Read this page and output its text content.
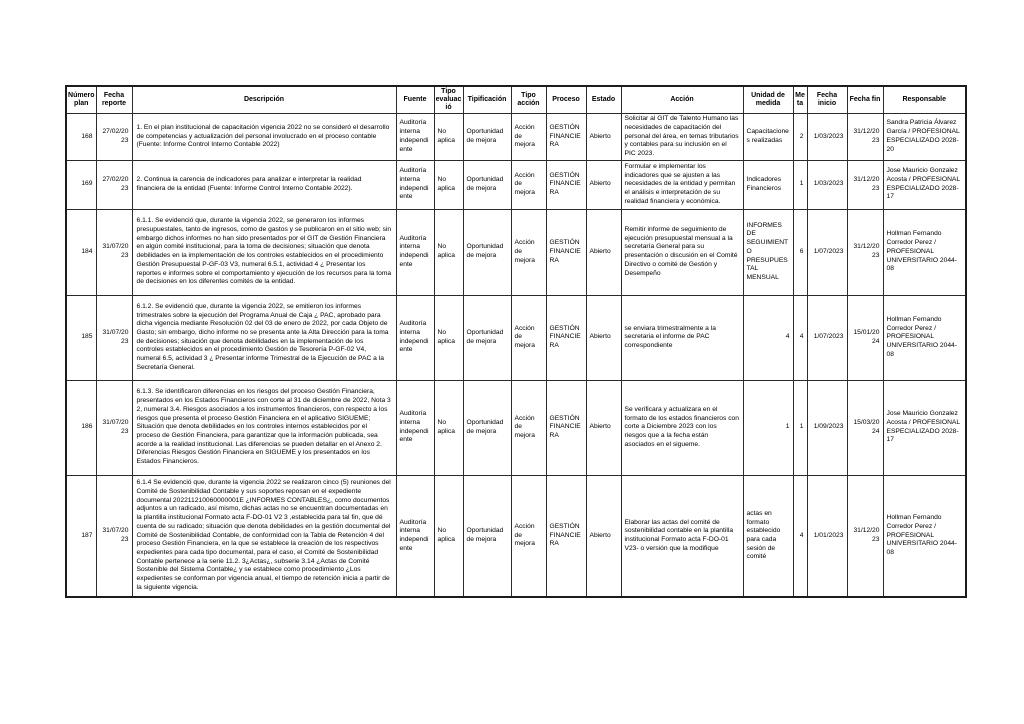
Número plan	Fecha reporte	Descripción	Fuente	Tipo evaluació	Tipificación	Tipo acción	Proceso	Estado	Acción	Unidad de medida	Meta	Fecha inicio	Fecha fin	Responsable
168	27/02/2023	1. En el plan institucional de capacitación vigencia 2022 no se consideró el desarrollo de competencias y actualización del personal involucrado en el proceso contable (Fuente: Informe Control Interno Contable 2022)	Auditoría interna independiente	No aplica	Oportunidad de mejora	Acción de mejora	GESTIÓN FINANCIERA	Abierto	Solicitar al GIT de Talento Humano las necesidades de capacitación del personal del área, en temas tributarios y contables para su inclusión en el PIC 2023.	Capacitaciones realizadas	2	1/03/2023	31/12/2023	Sandra Patricia Álvarez García / PROFESIONAL ESPECIALIZADO 2028-20
169	27/02/2023	2. Continua la carencia de indicadores para analizar e interpretar la realidad financiera de la entidad (Fuente: Informe Control Interno Contable 2022).	Auditoría interna independiente	No aplica	Oportunidad de mejora	Acción de mejora	GESTIÓN FINANCIERA	Abierto	Formular e implementar los indicadores que se ajusten a las necesidades de la entidad y permitan el análisis e interpretación de su realidad financiera y económica.	Indicadores Financieros	1	1/03/2023	31/12/2023	Jose Mauricio Gonzalez Acosta / PROFESIONAL ESPECIALIZADO 2028-17
184	31/07/2023	6.1.1. Se evidenció que, durante la vigencia 2022, se generaron los informes presupuestales, tanto de ingresos, como de gastos y se publicaron en el sitio web; sin embargo dichos informes no han sido presentados por el GIT de Gestión Financiera en algún comité institucional, para la toma de decisiones; situación que denota debilidades en la implementación de los controles establecidos en el procedimiento Gestión Presupuestal P-GF-03 V3, numeral 6.5.1, actividad 4 ¿ Presentar los reportes e informes sobre el comportamiento y ejecución de los recursos para la toma de decisiones en los diferentes comités de la entidad.	Auditoría interna independiente	No aplica	Oportunidad de mejora	Acción de mejora	GESTIÓN FINANCIERA	Abierto	Remitir informe de seguimiento de ejecución presupuestal mensual a la secretaría General para su presentación o discusión en el Comité Directivo o comité de Gestión y Desempeño	INFORMES DE SEGUIMIENTO PRESUPUESTAL MENSUAL	6	1/07/2023	31/12/2023	Hollman Fernando Corredor Perez / PROFESIONAL UNIVERSITARIO 2044-08
185	31/07/2023	6.1.2. Se evidenció que, durante la vigencia 2022, se emitieron los informes trimestrales sobre la ejecución del Programa Anual de Caja ¿ PAC, aprobado para dicha vigencia mediante Resolución 02 del 03 de enero de 2022, por cada Objeto de Gasto; sin embargo, dicho informe no se presenta ante la Alta Dirección para la toma de decisiones; situación que denota debilidades en la implementación de los controles establecidos en el procedimiento Gestión de Tesorería P-GF-02 V4, numeral 6.5, actividad 3 ¿ Presentar informe Trimestral de la Ejecución de PAC a la Secretaría General.	Auditoría interna independiente	No aplica	Oportunidad de mejora	Acción de mejora	GESTIÓN FINANCIERA	Abierto	se enviara trimestralmente a la secretaria el informe de PAC correspondiente	4	4	1/07/2023	15/01/2024	Hollman Fernando Corredor Perez / PROFESIONAL UNIVERSITARIO 2044-08
186	31/07/2023	6.1.3. Se identificaron diferencias en los riesgos del proceso Gestión Financiera, presentados en los Estados Financieros con corte al 31 de diciembre de 2022, Nota 3 2, numeral 3.4. Riesgos asociados a los instrumentos financieros, con respecto a los riesgos que presenta el proceso Gestión Financiera en el aplicativo SIGUEME; Situación que denota debilidades en los controles internos establecidos por el proceso de Gestión Financiera, para garantizar que la información publicada, sea acorde a la realidad institucional. Las diferencias se pueden detallar en el Anexo 2. Diferencias Riesgos Gestión Financiera en SIGUEME y los presentados en los Estados Financieros.	Auditoría interna independiente	No aplica	Oportunidad de mejora	Acción de mejora	GESTIÓN FINANCIERA	Abierto	Se verificara y actualizara en el formato de los estados financieros con corte a Diciembre 2023 con los riesgos que a la fecha están asociados en el sigueme.	1	1	1/09/2023	15/03/2024	Jose Mauricio Gonzalez Acosta / PROFESIONAL ESPECIALIZADO 2028-17
187	31/07/2023	6.1.4 Se evidenció que, durante la vigencia 2022 se realizaron cinco (5) reuniones del Comité de Sostenibilidad Contable y sus soportes reposan en el expediente documental 202211210060000001E ¿INFORMES CONTABLES¿, como documentos adjuntos a un radicado, así mismo, dichas actas no se encuentran documentadas en la plantilla institucional Formato acta F-DO-01 V2 3 ,establecida para tal fin, que dé cuenta de su radicado; situación que denota debilidades en la gestión documental del Comité de Sostenibilidad Contable, de conformidad con la Tabla de Retención 4 del proceso Gestión Financiera, en la que se establece la creación de los respectivos expedientes para cada tipo documental, para el caso, el Comité de Sostenibilidad Contable pertenece a la serie 11.2. 3¿Actas¿, subserie 3.14 ¿Actas de Comité Sostenible del Sistema Contable¿ y se establece como procedimiento ¿Los expedientes se conforman por vigencia anual, el tiempo de retención inicia a partir de la siguiente vigencia.	Auditoría interna independiente	No aplica	Oportunidad de mejora	Acción de mejora	GESTIÓN FINANCIERA	Abierto	Elaborar las actas del comité de sostenibilidad contable en la plantilla institucional Formato acta F-DO-01 V23- o versión que la modifique	actas en formato establecido para cada sesión de comité	4	1/01/2023	31/12/2023	Hollman Fernando Corredor Perez / PROFESIONAL UNIVERSITARIO 2044-08
